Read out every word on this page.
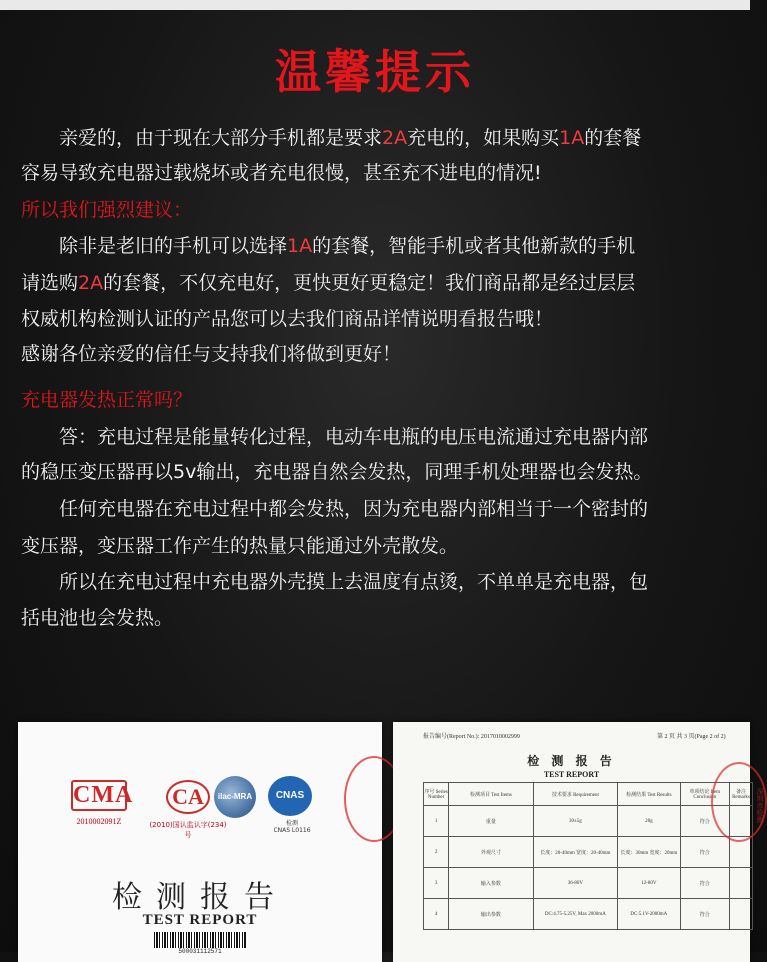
温馨提示
　　亲爱的，由于现在大部分手机都是要求2A充电的，如果购买1A的套餐
容易导致充电器过载烧坏或者充电很慢，甚至充不进电的情况!
所以我们强烈建议：
　　除非是老旧的手机可以选择1A的套餐，智能手机或者其他新款的手机
请选购2A的套餐，不仅充电好，更快更好更稳定！我们商品都是经过层层
权威机构检测认证的产品您可以去我们商品详情说明看报告哦！
感谢各位亲爱的信任与支持我们将做到更好！
充电器发热正常吗？
　　答：充电过程是能量转化过程，电动车电瓶的电压电流通过充电器内部
的稳压变压器再以5v输出，充电器自然会发热，同理手机处理器也会发热。
　　任何充电器在充电过程中都会发热，因为充电器内部相当于一个密封的
变压器，变压器工作产生的热量只能通过外壳散发。
　　所以在充电过程中充电器外壳摸上去温度有点烫，不单单是充电器，包
括电池也会发热。
CMA
2010002091Z
CA
(2010)国认监认字(234)号
ilac-MRA	CNAS
检测
CNAS L0116
检测报告
TEST REPORT
500031112571
报告编号(Report No.): 2017010002999	第 2 页 共 3 页(Page 2 of 2)
检 测 报 告
TEST REPORT
序号 Series Number	检测项目 Test Items	技术要求 Requirement	检测结果 Test Results	单项结论 Item Conclusion	备注 Remarks
1	重量	30±5g	28g	符合	
2	外观尺寸	长度：20-40mm 宽度：20-40mm	长度：30mm 宽度：20mm	符合	
3	输入参数	36-80V	12-80V	符合	
4	输出参数	DC:4.75-5.25V, Max 2000mA	DC:5.1V-2000mA	符合	
深圳市检测
